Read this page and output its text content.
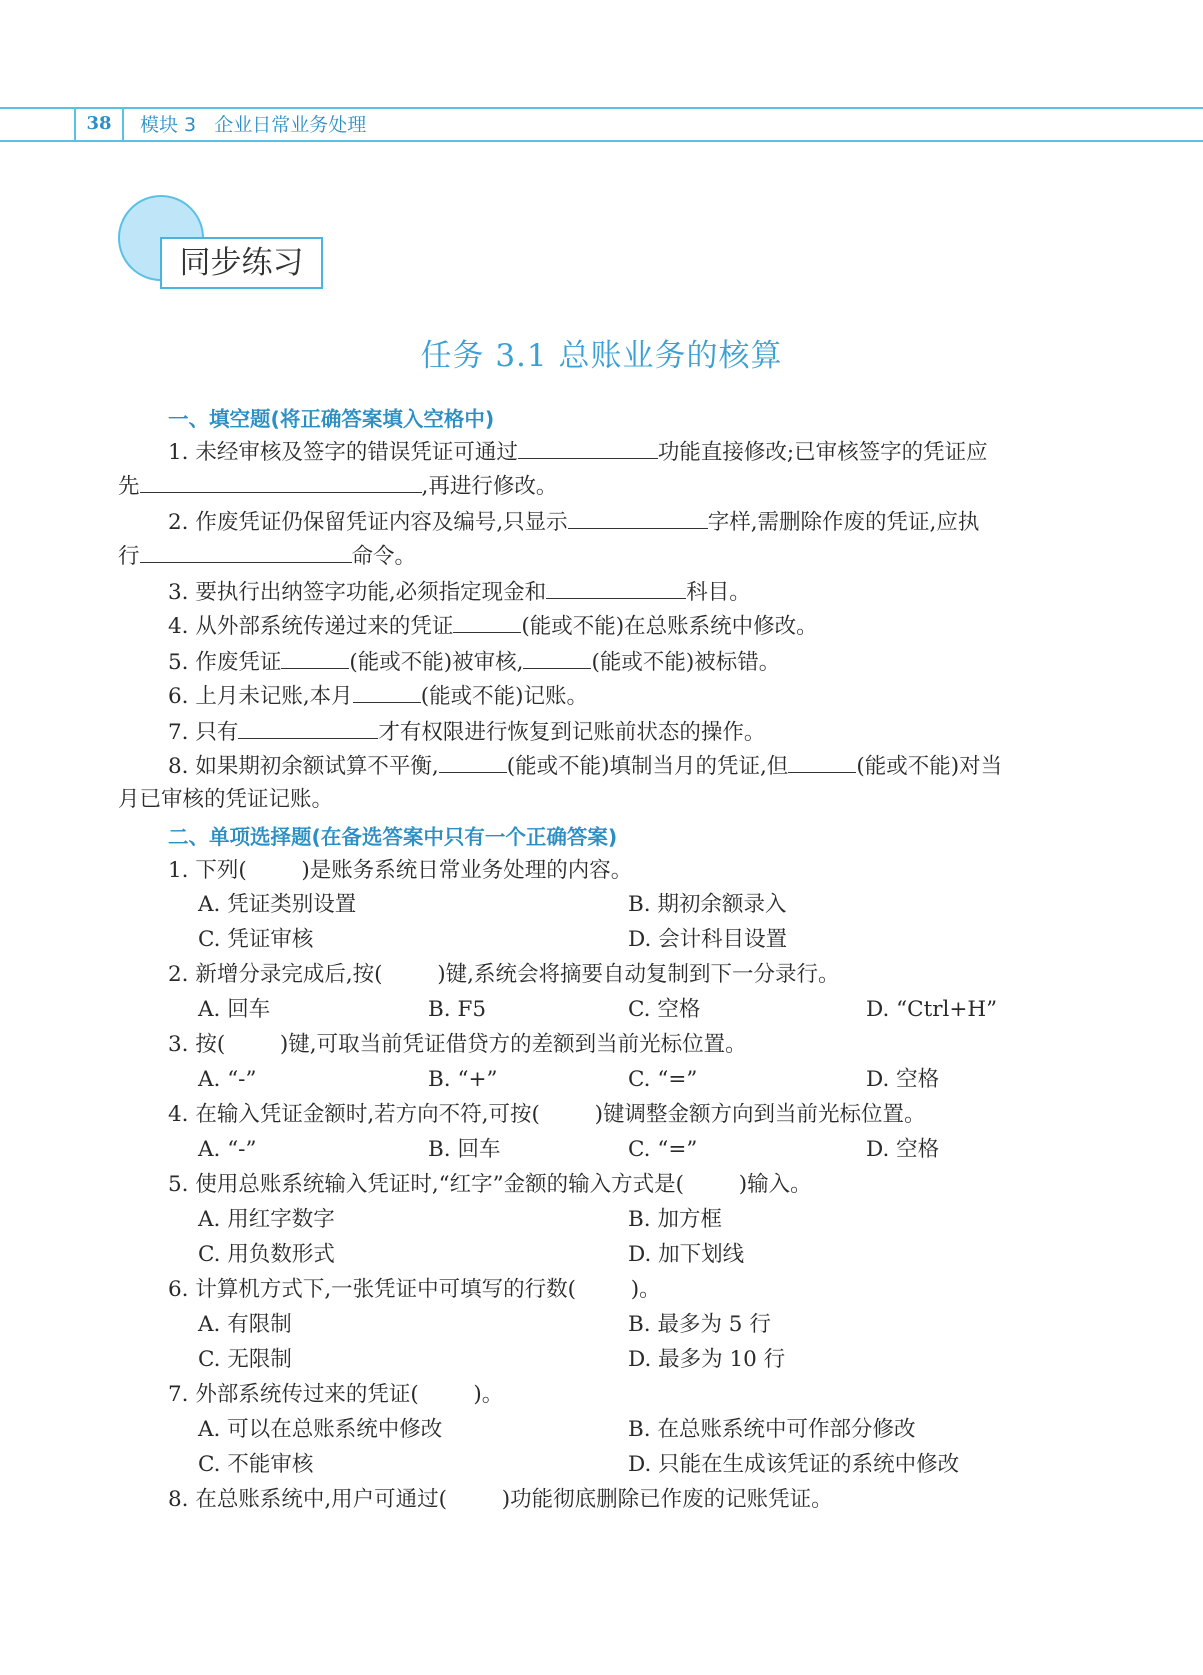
38	模块 3   企业日常业务处理
同步练习
任务 3.1 总账业务的核算
一、填空题(将正确答案填入空格中)
1. 未经审核及签字的错误凭证可通过	功能直接修改;已审核签字的凭证应
先	,再进行修改。
2. 作废凭证仍保留凭证内容及编号,只显示	字样,需删除作废的凭证,应执
行	命令。
3. 要执行出纳签字功能,必须指定现金和	科目。
4. 从外部系统传递过来的凭证	(能或不能)在总账系统中修改。
5. 作废凭证	(能或不能)被审核,	(能或不能)被标错。
6. 上月未记账,本月	(能或不能)记账。
7. 只有	才有权限进行恢复到记账前状态的操作。
8. 如果期初余额试算不平衡,	(能或不能)填制当月的凭证,但	(能或不能)对当
月已审核的凭证记账。
二、单项选择题(在备选答案中只有一个正确答案)
1. 下列(        )是账务系统日常业务处理的内容。
A. 凭证类别设置	B. 期初余额录入
C. 凭证审核	D. 会计科目设置
2. 新增分录完成后,按(        )键,系统会将摘要自动复制到下一分录行。
A. 回车	B. F5	C. 空格	D. “Ctrl+H”
3. 按(        )键,可取当前凭证借贷方的差额到当前光标位置。
A. “-”	B. “+”	C. “=”	D. 空格
4. 在输入凭证金额时,若方向不符,可按(        )键调整金额方向到当前光标位置。
A. “-”	B. 回车	C. “=”	D. 空格
5. 使用总账系统输入凭证时,“红字”金额的输入方式是(        )输入。
A. 用红字数字	B. 加方框
C. 用负数形式	D. 加下划线
6. 计算机方式下,一张凭证中可填写的行数(        )。
A. 有限制	B. 最多为 5 行
C. 无限制	D. 最多为 10 行
7. 外部系统传过来的凭证(        )。
A. 可以在总账系统中修改	B. 在总账系统中可作部分修改
C. 不能审核	D. 只能在生成该凭证的系统中修改
8. 在总账系统中,用户可通过(        )功能彻底删除已作废的记账凭证。
